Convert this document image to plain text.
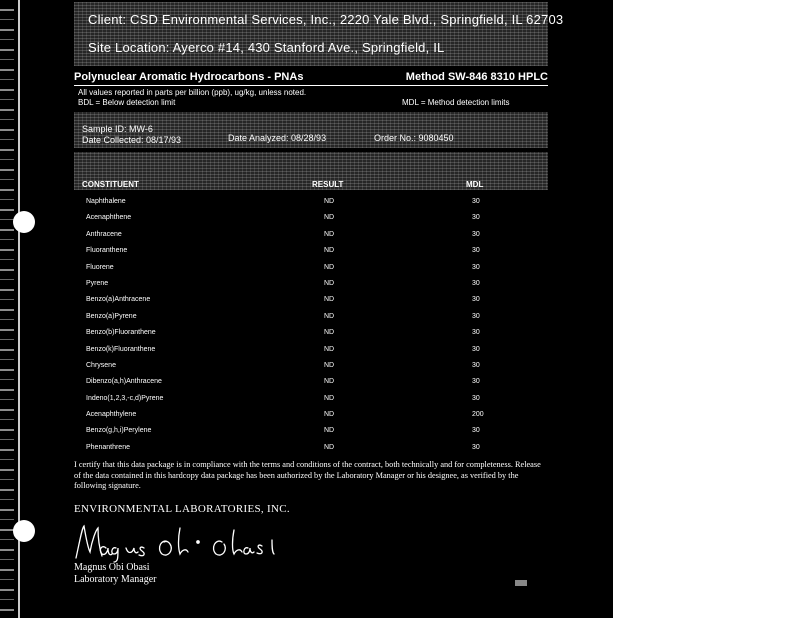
Client: CSD Environmental Services, Inc., 2220 Yale Blvd., Springfield, IL 62703
Site Location: Ayerco #14, 430 Stanford Ave., Springfield, IL
Polynuclear Aromatic Hydrocarbons - PNAs	Method SW-846 8310 HPLC
All values reported in parts per billion (ppb), ug/kg, unless noted.
BDL = Below detection limit	MDL = Method detection limits
Sample ID: MW-6
Date Collected: 08/17/93	Date Analyzed: 08/28/93	Order No.: 9080450
CONSTITUENT	RESULT	MDL
Naphthalene	ND	30
Acenaphthene	ND	30
Anthracene	ND	30
Fluoranthene	ND	30
Fluorene	ND	30
Pyrene	ND	30
Benzo(a)Anthracene	ND	30
Benzo(a)Pyrene	ND	30
Benzo(b)Fluoranthene	ND	30
Benzo(k)Fluoranthene	ND	30
Chrysene	ND	30
Dibenzo(a,h)Anthracene	ND	30
Indeno(1,2,3,-c,d)Pyrene	ND	30
Acenaphthylene	ND	200
Benzo(g,h,i)Perylene	ND	30
Phenanthrene	ND	30
I certify that this data package is in compliance with the terms and conditions of the contract, both technically and for completeness. Release of the data contained in this hardcopy data package has been authorized by the Laboratory Manager or his designee, as verified by the following signature.
ENVIRONMENTAL LABORATORIES, INC.
Magnus Obi Obasi
Laboratory Manager
